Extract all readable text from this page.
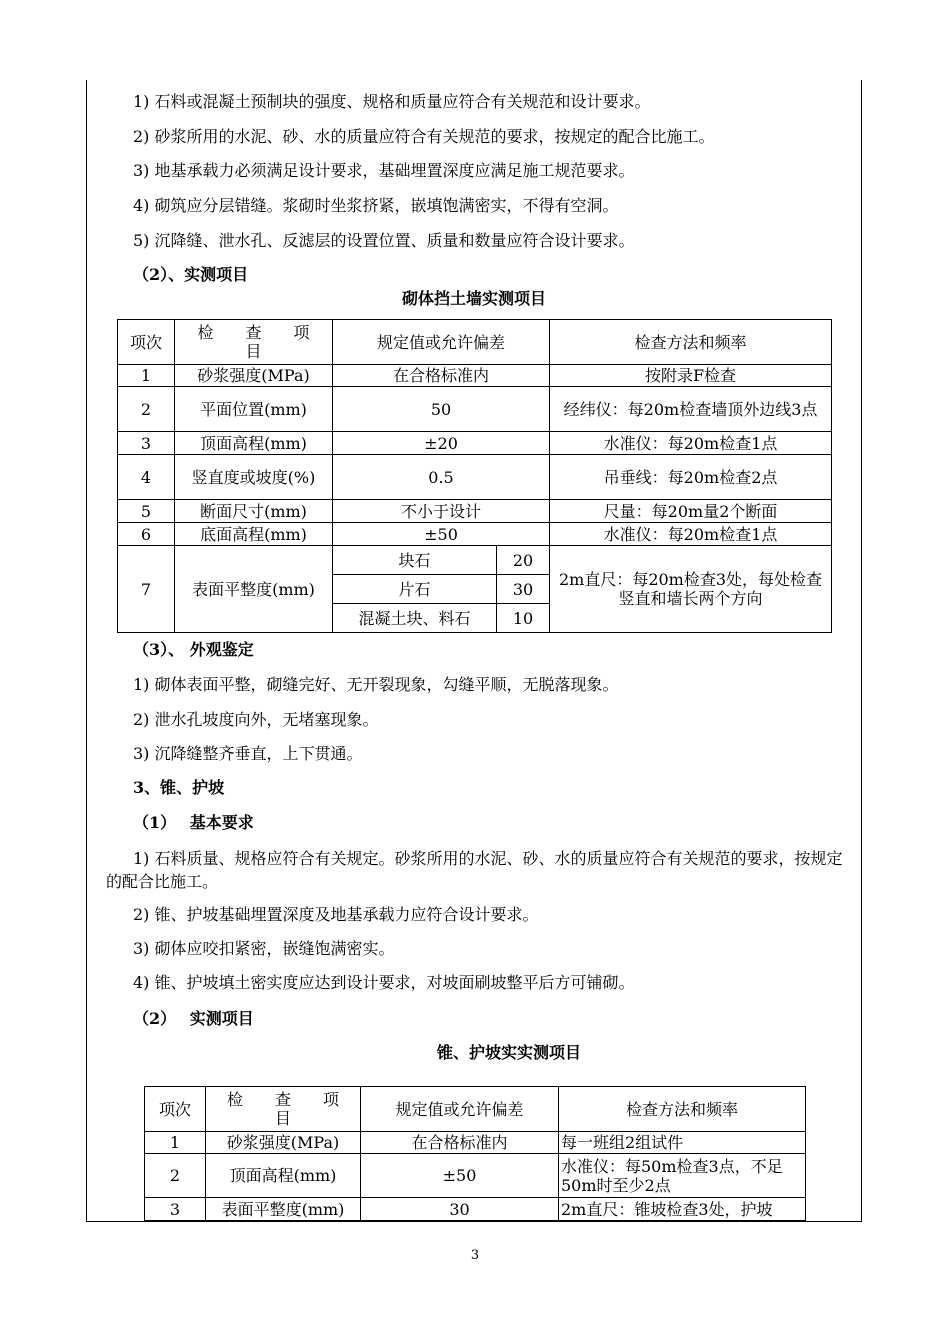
1) 石料或混凝土预制块的强度、规格和质量应符合有关规范和设计要求。
2) 砂浆所用的水泥、砂、水的质量应符合有关规范的要求，按规定的配合比施工。
3) 地基承载力必须满足设计要求，基础埋置深度应满足施工规范要求。
4) 砌筑应分层错缝。浆砌时坐浆挤紧，嵌填饱满密实，不得有空洞。
5) 沉降缝、泄水孔、反滤层的设置位置、质量和数量应符合设计要求。
（2）、实测项目
砌体挡土墙实测项目
项次	检　　查　　项　　　　　目	规定值或允许偏差		检查方法和频率
1	砂浆强度(MPa)	在合格标准内		按附录F检查
2	平面位置(mm)	50		经纬仪：每20m检查墙顶外边线3点
3	顶面高程(mm)	±20		水准仪：每20m检查1点
4	竖直度或坡度(%)	0.5		吊垂线：每20m检查2点
5	断面尺寸(mm)	不小于设计		尺量：每20m量2个断面
6	底面高程(mm)	±50		水准仪：每20m检查1点
7	表面平整度(mm)	块石	20	2m直尺：每20m检查3处，每处检查竖直和墙长两个方向
		片石	30	
		混凝土块、料石	10	
（3）、 外观鉴定
1) 砌体表面平整，砌缝完好、无开裂现象，勾缝平顺，无脱落现象。
2) 泄水孔坡度向外，无堵塞现象。
3) 沉降缝整齐垂直，上下贯通。
3、锥、护坡
（1）　 基本要求
1) 石料质量、规格应符合有关规定。砂浆所用的水泥、砂、水的质量应符合有关规范的要求，按规定的配合比施工。
2) 锥、护坡基础埋置深度及地基承载力应符合设计要求。
3) 砌体应咬扣紧密，嵌缝饱满密实。
4) 锥、护坡填土密实度应达到设计要求，对坡面刷坡整平后方可铺砌。
（2）　 实测项目
锥、护坡实实测项目
项次	检　　查　　项　　　　　目	规定值或允许偏差	检查方法和频率
1	砂浆强度(MPa)	在合格标准内	每一班组2组试件
2	顶面高程(mm)	±50	水准仪：每50m检查3点，不足50m时至少2点
3	表面平整度(mm)	30	2m直尺：锥坡检查3处，护坡
3
